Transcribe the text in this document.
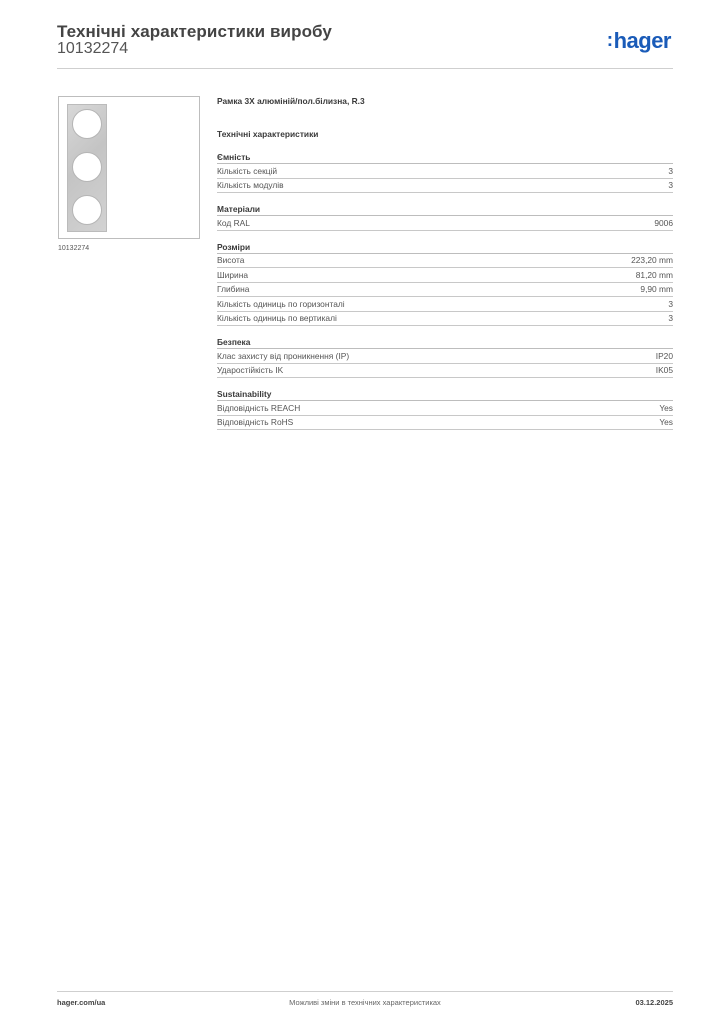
Технічні характеристики виробу
10132274	:hager
10132274
Рамка 3X алюміній/пол.білизна, R.3
Технічні характеристики
Ємність
Кількість секцій	3
Кількість модулів	3
Матеріали
Код RAL	9006
Розміри
Висота	223,20 mm
Ширина	81,20 mm
Глибина	9,90 mm
Кількість одиниць по горизонталі	3
Кількість одиниць по вертикалі	3
Безпека
Клас захисту від проникнення (IP)	IP20
Ударостійкість IK	IK05
Sustainability
Відповідність REACH	Yes
Відповідність RoHS	Yes
hager.com/ua	Можливі зміни в технічних характеристиках	03.12.2025
